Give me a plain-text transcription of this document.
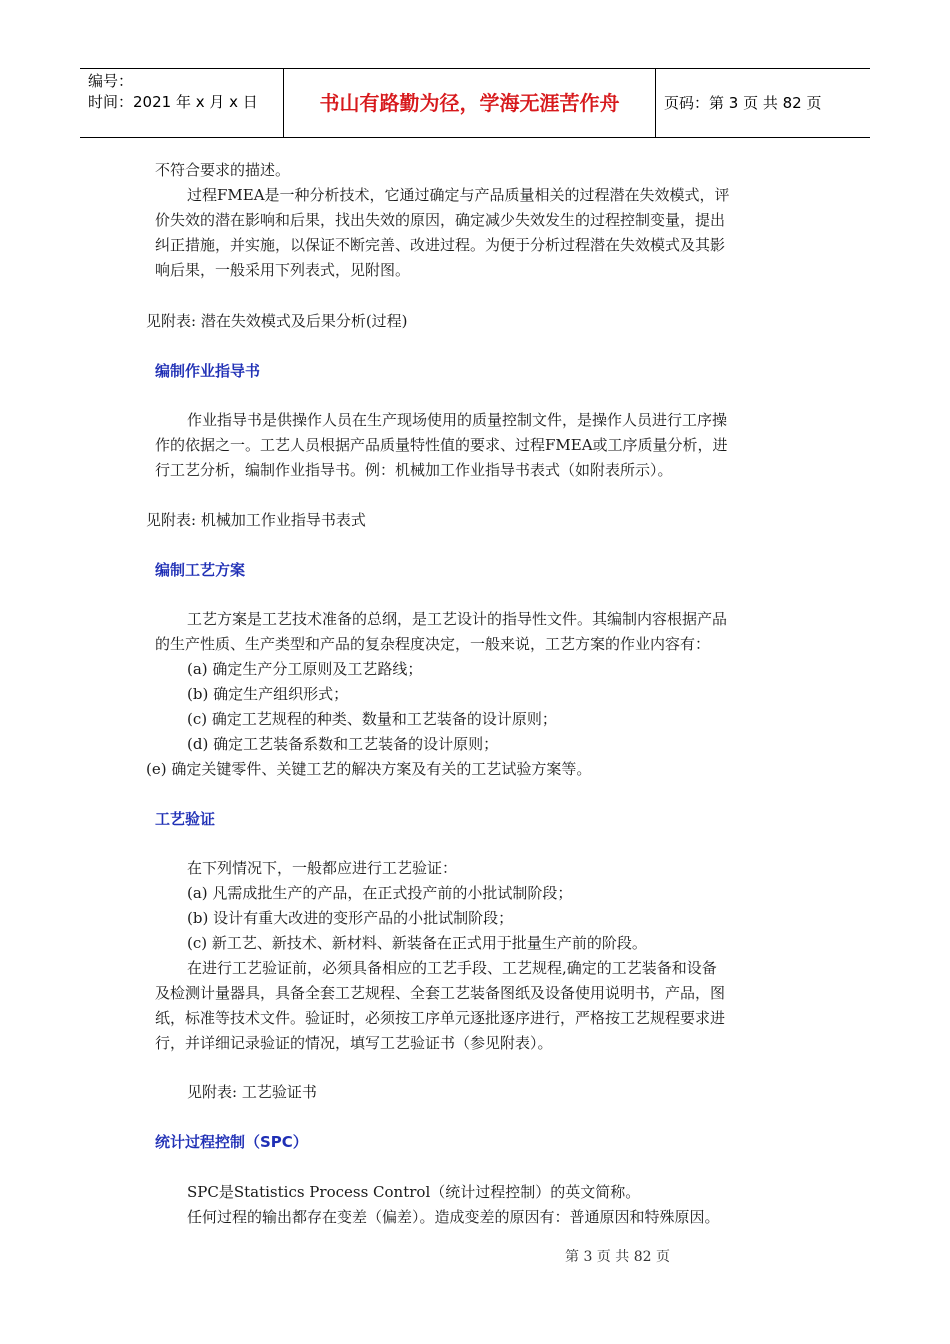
编号：
时间：2021 年 x 月 x 日	书山有路勤为径，学海无涯苦作舟	页码：第 3 页 共 82 页
不符合要求的描述。
过程FMEA是一种分析技术，它通过确定与产品质量相关的过程潜在失效模式，评
价失效的潜在影响和后果，找出失效的原因，确定减少失效发生的过程控制变量，提出
纠正措施，并实施，以保证不断完善、改进过程。为便于分析过程潜在失效模式及其影
响后果，一般采用下列表式，见附图。
见附表: 潜在失效模式及后果分析(过程)
编制作业指导书
作业指导书是供操作人员在生产现场使用的质量控制文件，是操作人员进行工序操
作的依据之一。工艺人员根据产品质量特性值的要求、过程FMEA或工序质量分析，进
行工艺分析，编制作业指导书。例：机械加工作业指导书表式（如附表所示）。
见附表: 机械加工作业指导书表式
编制工艺方案
工艺方案是工艺技术准备的总纲，是工艺设计的指导性文件。其编制内容根据产品
的生产性质、生产类型和产品的复杂程度决定，一般来说，工艺方案的作业内容有：
(a) 确定生产分工原则及工艺路线；
(b) 确定生产组织形式；
(c) 确定工艺规程的种类、数量和工艺装备的设计原则；
(d) 确定工艺装备系数和工艺装备的设计原则；
(e) 确定关键零件、关键工艺的解决方案及有关的工艺试验方案等。
工艺验证
在下列情况下，一般都应进行工艺验证：
(a) 凡需成批生产的产品，在正式投产前的小批试制阶段；
(b) 设计有重大改进的变形产品的小批试制阶段；
(c) 新工艺、新技术、新材料、新装备在正式用于批量生产前的阶段。
在进行工艺验证前，必须具备相应的工艺手段、工艺规程,确定的工艺装备和设备
及检测计量器具，具备全套工艺规程、全套工艺装备图纸及设备使用说明书，产品，图
纸，标准等技术文件。验证时，必须按工序单元逐批逐序进行，严格按工艺规程要求进
行，并详细记录验证的情况，填写工艺验证书（参见附表）。
见附表: 工艺验证书
统计过程控制（SPC）
SPC是Statistics Process Control（统计过程控制）的英文简称。
任何过程的输出都存在变差（偏差）。造成变差的原因有：普通原因和特殊原因。
第 3 页 共 82 页
